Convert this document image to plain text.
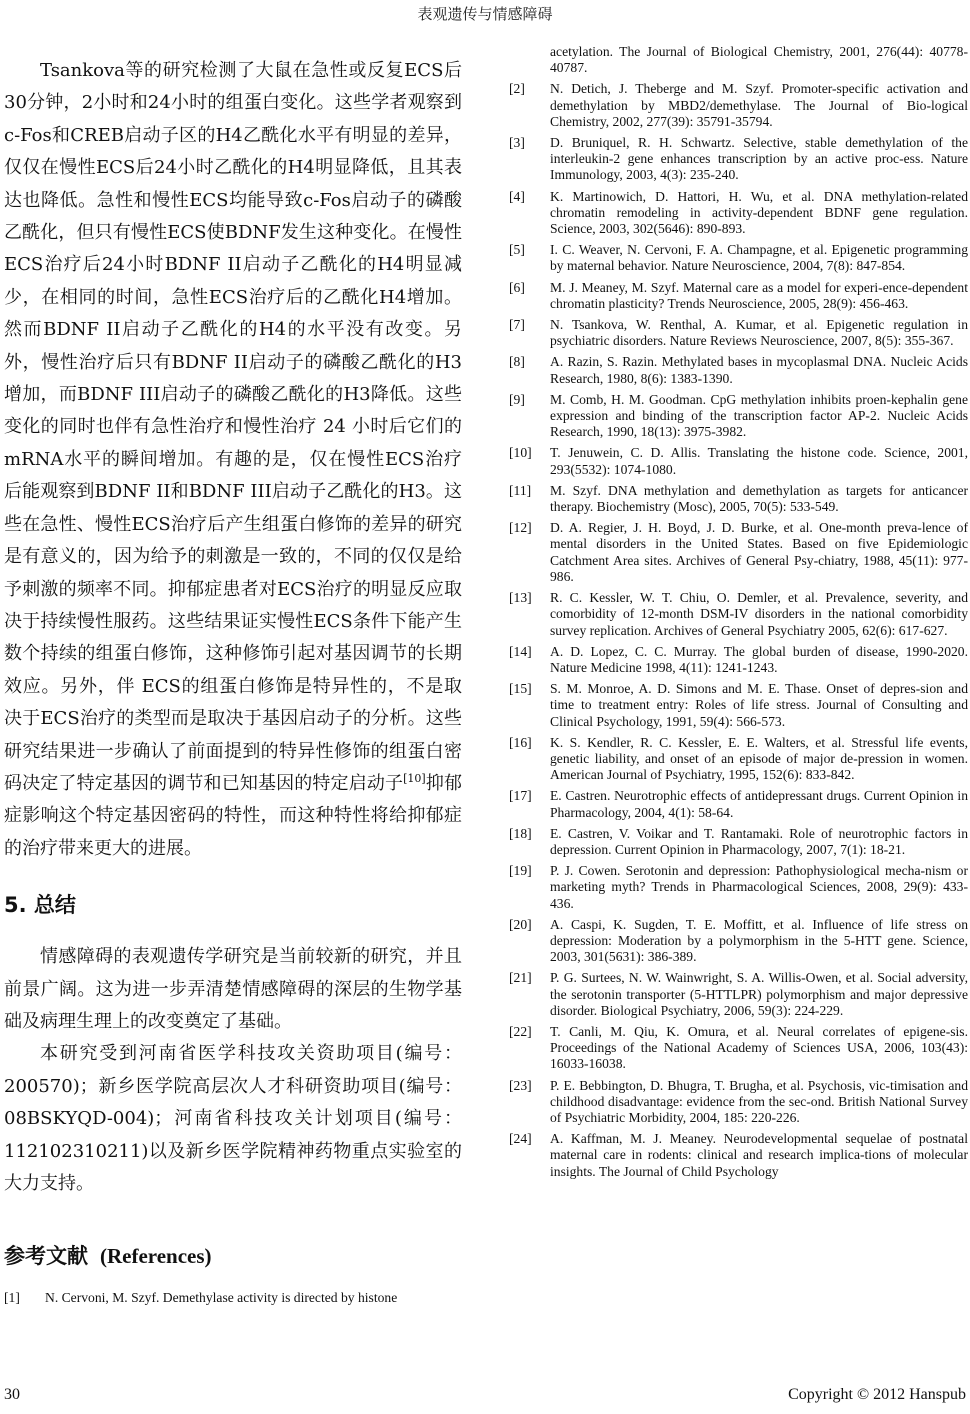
表观遗传与情感障碍

Tsankova等的研究检测了大鼠在急性或反复ECS后30分钟，2小时和24小时的组蛋白变化。这些学者观察到c-Fos和CREB启动子区的H4乙酰化水平有明显的差异，仅仅在慢性ECS后24小时乙酰化的H4明显降低，且其表达也降低。急性和慢性ECS均能导致c-Fos启动子的磷酸乙酰化，但只有慢性ECS使BDNF发生这种变化。在慢性ECS治疗后24小时BDNF II启动子乙酰化的H4明显减少，在相同的时间，急性ECS治疗后的乙酰化H4增加。然而BDNF II启动子乙酰化的H4的水平没有改变。另外，慢性治疗后只有BDNF II启动子的磷酸乙酰化的H3增加，而BDNF III启动子的磷酸乙酰化的H3降低。这些变化的同时也伴有急性治疗和慢性治疗 24 小时后它们的mRNA水平的瞬间增加。有趣的是，仅在慢性ECS治疗后能观察到BDNF II和BDNF III启动子乙酰化的H3。这些在急性、慢性ECS治疗后产生组蛋白修饰的差异的研究是有意义的，因为给予的刺激是一致的，不同的仅仅是给予刺激的频率不同。抑郁症患者对ECS治疗的明显反应取决于持续慢性服药。这些结果证实慢性ECS条件下能产生数个持续的组蛋白修饰，这种修饰引起对基因调节的长期效应。另外，伴 ECS的组蛋白修饰是特异性的，不是取决于ECS治疗的类型而是取决于基因启动子的分析。这些研究结果进一步确认了前面提到的特异性修饰的组蛋白密码决定了特定基因的调节和已知基因的特定启动子[10]抑郁症影响这个特定基因密码的特性，而这种特性将给抑郁症的治疗带来更大的进展。

5. 总结

情感障碍的表观遗传学研究是当前较新的研究，并且前景广阔。这为进一步弄清楚情感障碍的深层的生物学基础及病理生理上的改变奠定了基础。

本研究受到河南省医学科技攻关资助项目(编号：200570)；新乡医学院高层次人才科研资助项目(编号：08BSKYQD-004)；河南省科技攻关计划项目(编号：112102310211)以及新乡医学院精神药物重点实验室的大力支持。

参考文献 (References)
[1]	N. Cervoni, M. Szyf. Demethylase activity is directed by histone
acetylation. The Journal of Biological Chemistry, 2001, 276(44): 40778-40787.
[2]	N. Detich, J. Theberge and M. Szyf. Promoter-specific activation and demethylation by MBD2/demethylase. The Journal of Bio-logical Chemistry, 2002, 277(39): 35791-35794.
[3]	D. Bruniquel, R. H. Schwartz. Selective, stable demethylation of the interleukin-2 gene enhances transcription by an active proc-ess. Nature Immunology, 2003, 4(3): 235-240.
[4]	K. Martinowich, D. Hattori, H. Wu, et al. DNA methylation-related chromatin remodeling in activity-dependent BDNF gene regulation. Science, 2003, 302(5646): 890-893.
[5]	I. C. Weaver, N. Cervoni, F. A. Champagne, et al. Epigenetic programming by maternal behavior. Nature Neuroscience, 2004, 7(8): 847-854.
[6]	M. J. Meaney, M. Szyf. Maternal care as a model for experi-ence-dependent chromatin plasticity? Trends Neuroscience, 2005, 28(9): 456-463.
[7]	N. Tsankova, W. Renthal, A. Kumar, et al. Epigenetic regulation in psychiatric disorders. Nature Reviews Neuroscience, 2007, 8(5): 355-367.
[8]	A. Razin, S. Razin. Methylated bases in mycoplasmal DNA. Nucleic Acids Research, 1980, 8(6): 1383-1390.
[9]	M. Comb, H. M. Goodman. CpG methylation inhibits proen-kephalin gene expression and binding of the transcription factor AP-2. Nucleic Acids Research, 1990, 18(13): 3975-3982.
[10]	T. Jenuwein, C. D. Allis. Translating the histone code. Science, 2001, 293(5532): 1074-1080.
[11]	M. Szyf. DNA methylation and demethylation as targets for anticancer therapy. Biochemistry (Mosc), 2005, 70(5): 533-549.
[12]	D. A. Regier, J. H. Boyd, J. D. Burke, et al. One-month preva-lence of mental disorders in the United States. Based on five Epidemiologic Catchment Area sites. Archives of General Psy-chiatry, 1988, 45(11): 977-986.
[13]	R. C. Kessler, W. T. Chiu, O. Demler, et al. Prevalence, severity, and comorbidity of 12-month DSM-IV disorders in the national comorbidity survey replication. Archives of General Psychiatry 2005, 62(6): 617-627.
[14]	A. D. Lopez, C. C. Murray. The global burden of disease, 1990-2020. Nature Medicine 1998, 4(11): 1241-1243.
[15]	S. M. Monroe, A. D. Simons and M. E. Thase. Onset of depres-sion and time to treatment entry: Roles of life stress. Journal of Consulting and Clinical Psychology, 1991, 59(4): 566-573.
[16]	K. S. Kendler, R. C. Kessler, E. E. Walters, et al. Stressful life events, genetic liability, and onset of an episode of major de-pression in women. American Journal of Psychiatry, 1995, 152(6): 833-842.
[17]	E. Castren. Neurotrophic effects of antidepressant drugs. Current Opinion in Pharmacology, 2004, 4(1): 58-64.
[18]	E. Castren, V. Voikar and T. Rantamaki. Role of neurotrophic factors in depression. Current Opinion in Pharmacology, 2007, 7(1): 18-21.
[19]	P. J. Cowen. Serotonin and depression: Pathophysiological mecha-nism or marketing myth? Trends in Pharmacological Sciences, 2008, 29(9): 433-436.
[20]	A. Caspi, K. Sugden, T. E. Moffitt, et al. Influence of life stress on depression: Moderation by a polymorphism in the 5-HTT gene. Science, 2003, 301(5631): 386-389.
[21]	P. G. Surtees, N. W. Wainwright, S. A. Willis-Owen, et al. Social adversity, the serotonin transporter (5-HTTLPR) polymorphism and major depressive disorder. Biological Psychiatry, 2006, 59(3): 224-229.
[22]	T. Canli, M. Qiu, K. Omura, et al. Neural correlates of epigene-sis. Proceedings of the National Academy of Sciences USA, 2006, 103(43): 16033-16038.
[23]	P. E. Bebbington, D. Bhugra, T. Brugha, et al. Psychosis, vic-timisation and childhood disadvantage: evidence from the sec-ond. British National Survey of Psychiatric Morbidity, 2004, 185: 220-226.
[24]	A. Kaffman, M. J. Meaney. Neurodevelopmental sequelae of postnatal maternal care in rodents: clinical and research implica-tions of molecular insights. The Journal of Child Psychology
30	Copyright © 2012 Hanspub
